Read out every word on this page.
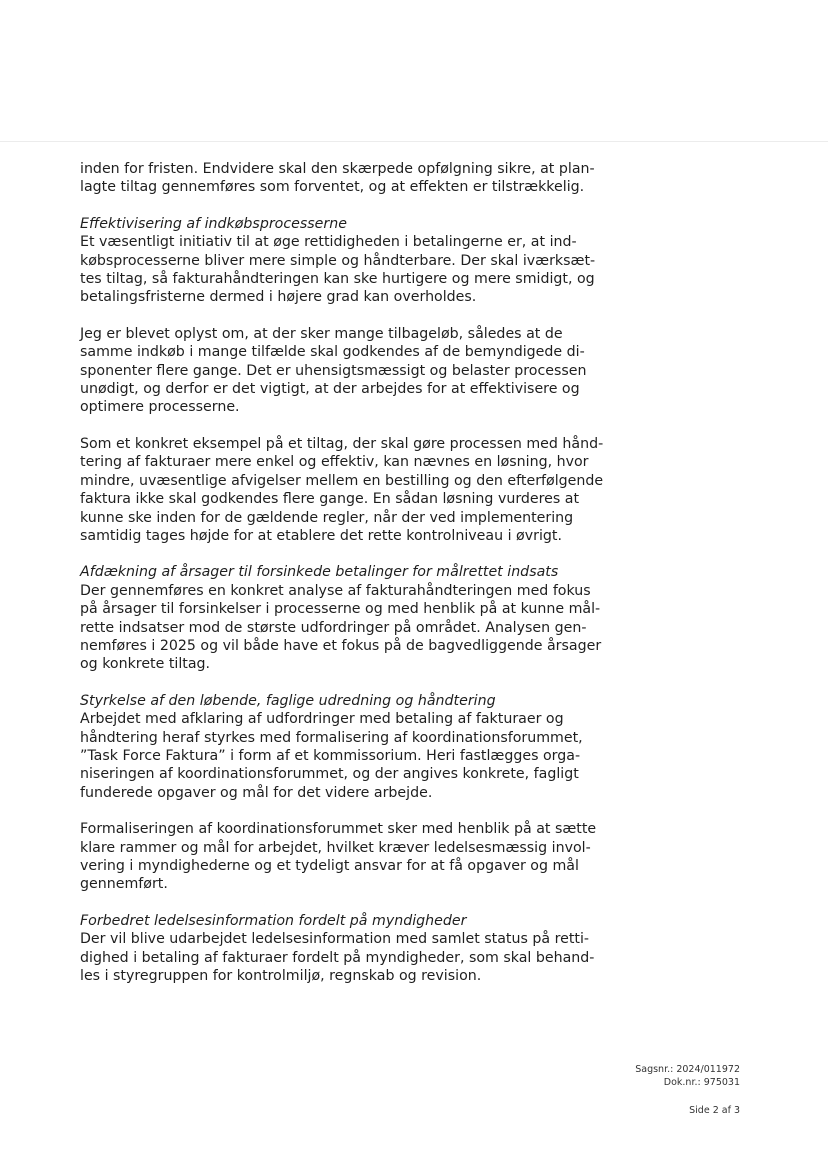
inden for fristen. Endvidere skal den skærpede opfølgning sikre, at plan-
lagte tiltag gennemføres som forventet, og at effekten er tilstrækkelig.

Effektivisering af indkøbsprocesserne
Et væsentligt initiativ til at øge rettidigheden i betalingerne er, at ind-
købsprocesserne bliver mere simple og håndterbare. Der skal iværksæt-
tes tiltag, så fakturahåndteringen kan ske hurtigere og mere smidigt, og
betalingsfristerne dermed i højere grad kan overholdes.

Jeg er blevet oplyst om, at der sker mange tilbageløb, således at de
samme indkøb i mange tilfælde skal godkendes af de bemyndigede di-
sponenter flere gange. Det er uhensigtsmæssigt og belaster processen
unødigt, og derfor er det vigtigt, at der arbejdes for at effektivisere og
optimere processerne.

Som et konkret eksempel på et tiltag, der skal gøre processen med hånd-
tering af fakturaer mere enkel og effektiv, kan nævnes en løsning, hvor
mindre, uvæsentlige afvigelser mellem en bestilling og den efterfølgende
faktura ikke skal godkendes flere gange. En sådan løsning vurderes at
kunne ske inden for de gældende regler, når der ved implementering
samtidig tages højde for at etablere det rette kontrolniveau i øvrigt.

Afdækning af årsager til forsinkede betalinger for målrettet indsats
Der gennemføres en konkret analyse af fakturahåndteringen med fokus
på årsager til forsinkelser i processerne og med henblik på at kunne mål-
rette indsatser mod de største udfordringer på området. Analysen gen-
nemføres i 2025 og vil både have et fokus på de bagvedliggende årsager
og konkrete tiltag.

Styrkelse af den løbende, faglige udredning og håndtering
Arbejdet med afklaring af udfordringer med betaling af fakturaer og
håndtering heraf styrkes med formalisering af koordinationsforummet,
”Task Force Faktura” i form af et kommissorium. Heri fastlægges orga-
niseringen af koordinationsforummet, og der angives konkrete, fagligt
funderede opgaver og mål for det videre arbejde.

Formaliseringen af koordinationsforummet sker med henblik på at sætte
klare rammer og mål for arbejdet, hvilket kræver ledelsesmæssig invol-
vering i myndighederne og et tydeligt ansvar for at få opgaver og mål
gennemført.

Forbedret ledelsesinformation fordelt på myndigheder
Der vil blive udarbejdet ledelsesinformation med samlet status på retti-
dighed i betaling af fakturaer fordelt på myndigheder, som skal behand-
les i styregruppen for kontrolmiljø, regnskab og revision.

Sagsnr.: 2024/011972
Dok.nr.: 975031
Side 2 af 3
